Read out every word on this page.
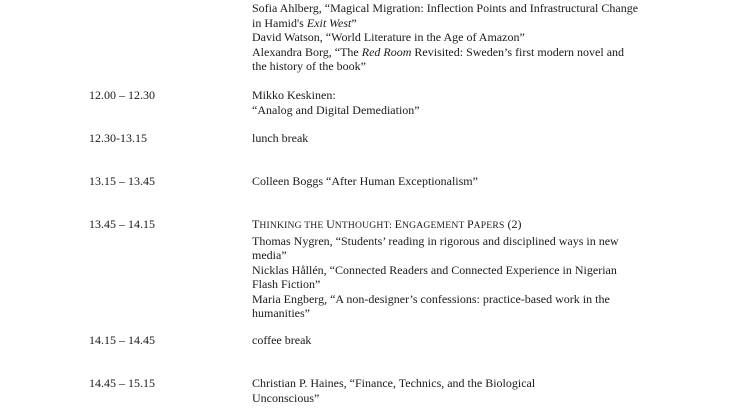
Sofia Ahlberg, “Magical Migration: Inflection Points and Infrastructural Change
in Hamid's Exit West”
David Watson, “World Literature in the Age of Amazon”
Alexandra Borg, “The Red Room Revisited: Sweden’s first modern novel and
the history of the book”
12.00 – 12.30	Mikko Keskinen:
“Analog and Digital Demediation”
12.30-13.15	lunch break
13.15 – 13.45	Colleen Boggs “After Human Exceptionalism”
13.45 – 14.15	THINKING THE UNTHOUGHT: ENGAGEMENT PAPERS (2)
Thomas Nygren, “Students’ reading in rigorous and disciplined ways in new
media”
Nicklas Hållén, “Connected Readers and Connected Experience in Nigerian
Flash Fiction”
Maria Engberg, “A non-designer’s confessions: practice-based work in the
humanities”
14.15 – 14.45	coffee break
14.45 – 15.15	Christian P. Haines, “Finance, Technics, and the Biological
Unconscious”
